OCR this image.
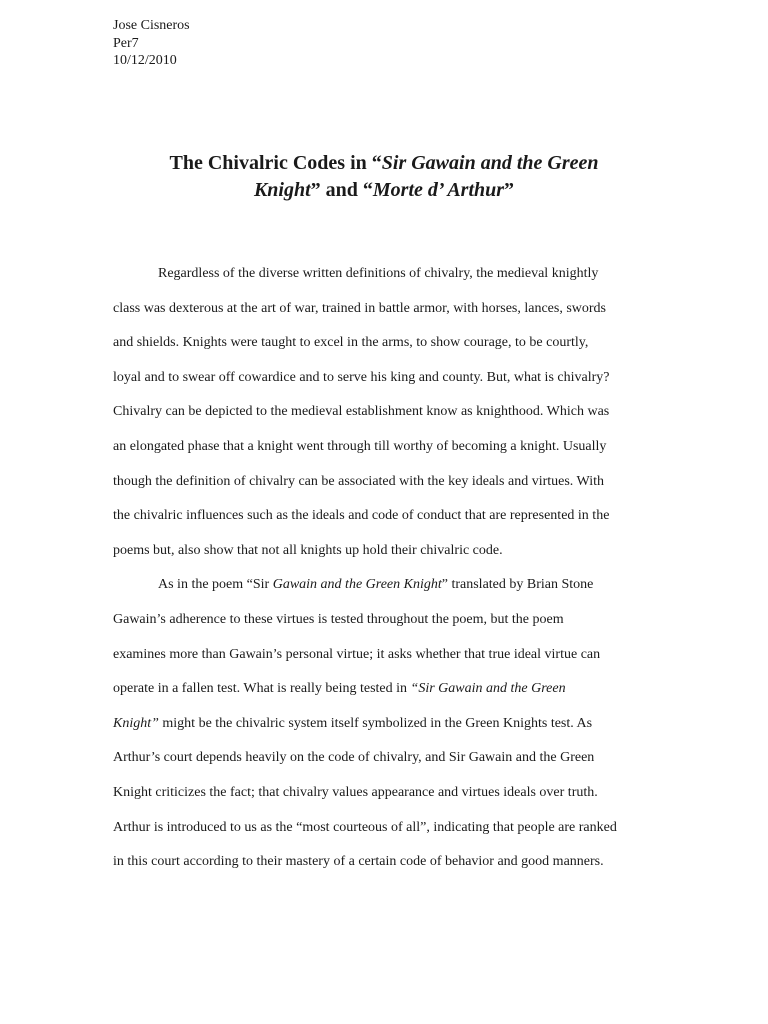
Jose Cisneros
Per7
10/12/2010
The Chivalric Codes in “Sir Gawain and the Green
Knight” and “Morte d’ Arthur”
Regardless of the diverse written definitions of chivalry, the medieval knightly
class was dexterous at the art of war, trained in battle armor, with horses, lances, swords
and shields. Knights were taught to excel in the arms, to show courage, to be courtly,
loyal and to swear off cowardice and to serve his king and county. But, what is chivalry?
Chivalry can be depicted to the medieval establishment know as knighthood. Which was
an elongated phase that a knight went through till worthy of becoming a knight. Usually
though the definition of chivalry can be associated with the key ideals and virtues. With
the chivalric influences such as the ideals and code of conduct that are represented in the
poems but, also show that not all knights up hold their chivalric code.
As in the poem “Sir Gawain and the Green Knight” translated by Brian Stone
Gawain’s adherence to these virtues is tested throughout the poem, but the poem
examines more than Gawain’s personal virtue; it asks whether that true ideal virtue can
operate in a fallen test. What is really being tested in “Sir Gawain and the Green
Knight” might be the chivalric system itself symbolized in the Green Knights test. As
Arthur’s court depends heavily on the code of chivalry, and Sir Gawain and the Green
Knight criticizes the fact; that chivalry values appearance and virtues ideals over truth.
Arthur is introduced to us as the “most courteous of all”, indicating that people are ranked
in this court according to their mastery of a certain code of behavior and good manners.
